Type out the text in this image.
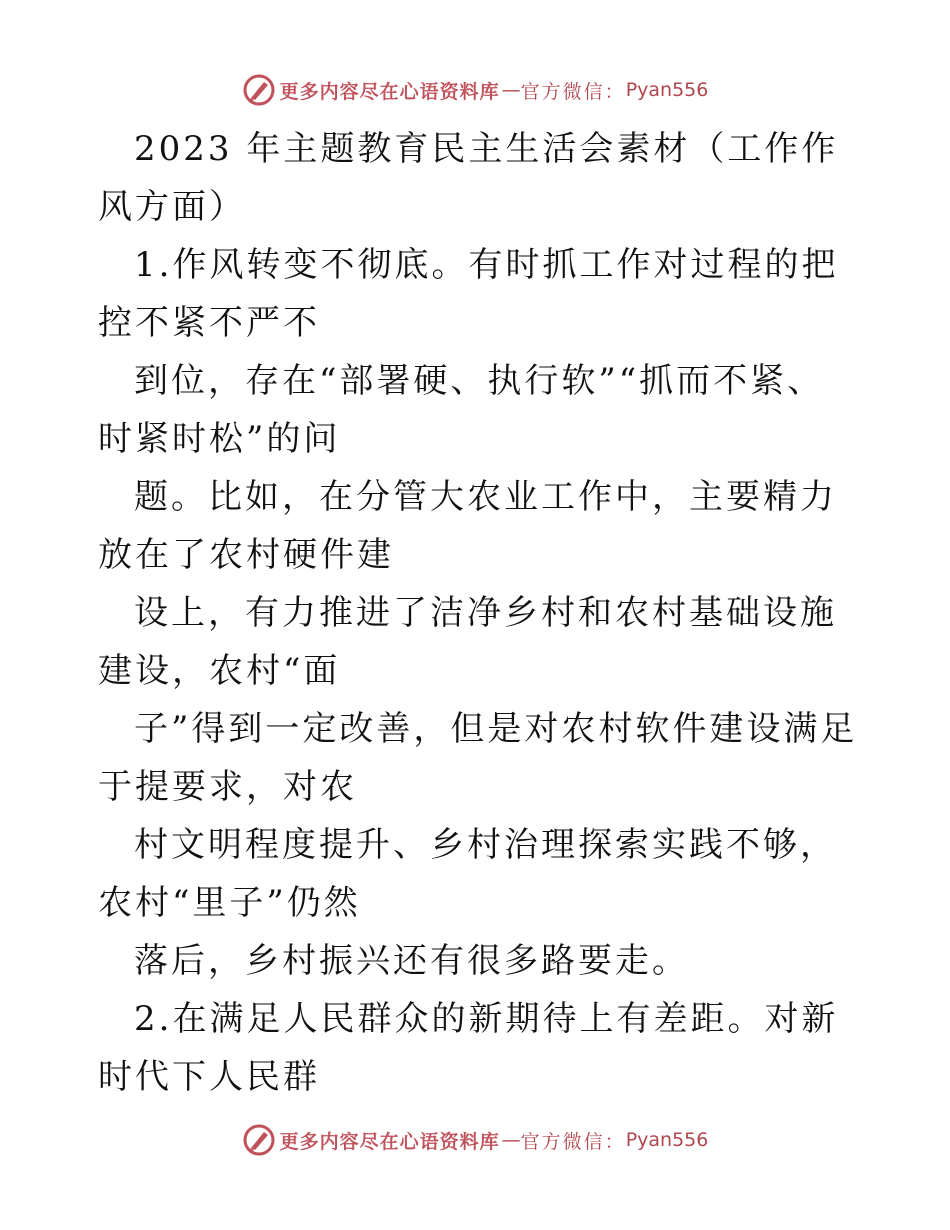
更多内容尽在心语资料库 — 官方微信： Pyan556

2023 年主题教育民主生活会素材（工作作风方面）

1.作风转变不彻底。有时抓工作对过程的把控不紧不严不

到位，存在“部署硬、执行软”“抓而不紧、时紧时松”的问

题。比如，在分管大农业工作中，主要精力放在了农村硬件建

设上，有力推进了洁净乡村和农村基础设施建设，农村“面

子”得到一定改善，但是对农村软件建设满足于提要求，对农

村文明程度提升、乡村治理探索实践不够，农村“里子”仍然

落后，乡村振兴还有很多路要走。

2.在满足人民群众的新期待上有差距。对新时代下人民群

更多内容尽在心语资料库 — 官方微信： Pyan556
